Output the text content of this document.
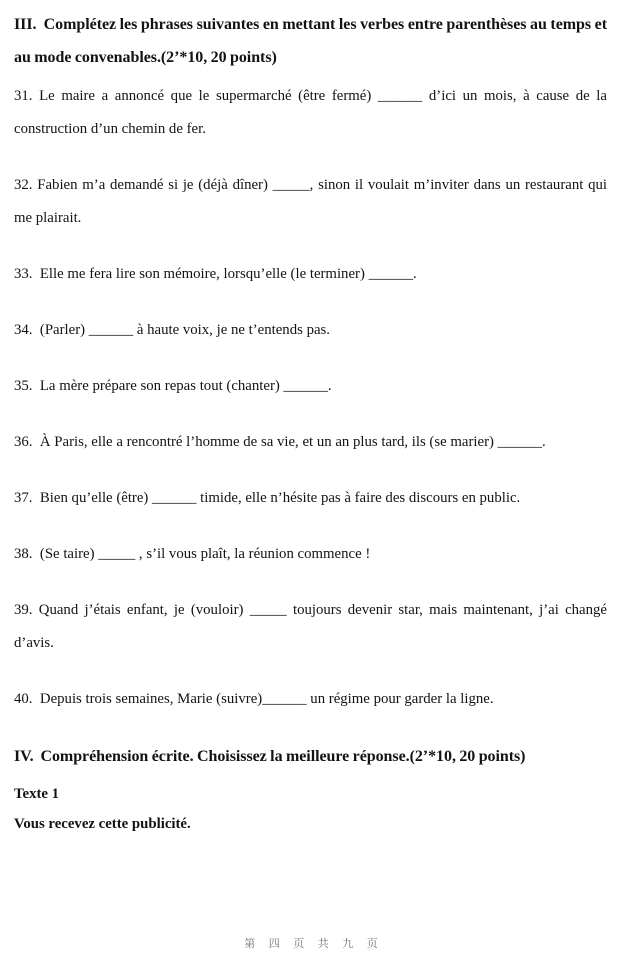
III.  Complétez les phrases suivantes en mettant les verbes entre parenthèses au temps et au mode convenables.(2’*10, 20 points)
31. Le maire a annoncé que le supermarché (être fermé) ______ d’ici un mois, à cause de la construction d’un chemin de fer.
32. Fabien m’a demandé si je (déjà dîner) _____, sinon il voulait m’inviter dans un restaurant qui me plairait.
33.  Elle me fera lire son mémoire, lorsqu’elle (le terminer) ______.
34.  (Parler) ______ à haute voix, je ne t’entends pas.
35.  La mère prépare son repas tout (chanter) ______.
36.  À Paris, elle a rencontré l’homme de sa vie, et un an plus tard, ils (se marier) ______.
37.  Bien qu’elle (être) ______ timide, elle n’hésite pas à faire des discours en public.
38.  (Se taire) _____ , s’il vous plaît, la réunion commence !
39. Quand j’étais enfant, je (vouloir) _____ toujours devenir star, mais maintenant, j’ai changé d’avis.
40.  Depuis trois semaines, Marie (suivre)______ un régime pour garder la ligne.
IV.  Compréhension écrite. Choisissez la meilleure réponse.(2’*10, 20 points)
Texte 1
Vous recevez cette publicité.
第 四 页 共 九 页
